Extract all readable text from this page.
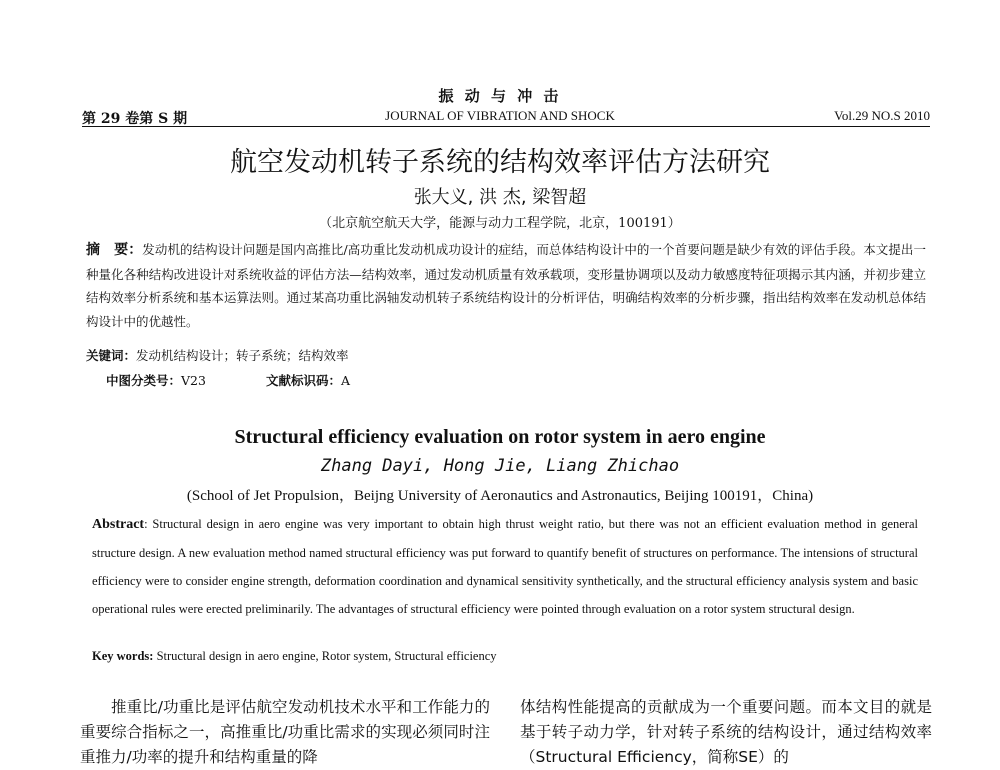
振 动 与 冲 击
第 29 卷第 S 期	JOURNAL OF VIBRATION AND SHOCK	Vol.29 NO.S 2010
航空发动机转子系统的结构效率评估方法研究
张大义, 洪 杰, 梁智超
（北京航空航天大学，能源与动力工程学院，北京，100191）
摘　要：发动机的结构设计问题是国内高推比/高功重比发动机成功设计的症结，而总体结构设计中的一个首要问题是缺少有效的评估手段。本文提出一种量化各种结构改进设计对系统收益的评估方法—结构效率，通过发动机质量有效承载项，变形量协调项以及动力敏感度特征项揭示其内涵，并初步建立结构效率分析系统和基本运算法则。通过某高功重比涡轴发动机转子系统结构设计的分析评估，明确结构效率的分析步骤，指出结构效率在发动机总体结构设计中的优越性。
关键词：发动机结构设计；转子系统；结构效率
中图分类号：V23	文献标识码：A
Structural efficiency evaluation on rotor system in aero engine
Zhang Dayi, Hong Jie, Liang Zhichao
(School of Jet Propulsion，Beijng University of Aeronautics and Astronautics, Beijing 100191，China)
Abstract: Structural design in aero engine was very important to obtain high thrust weight ratio, but there was not an efficient evaluation method in general structure design. A new evaluation method named structural efficiency was put forward to quantify benefit of structures on performance. The intensions of structural efficiency were to consider engine strength, deformation coordination and dynamical sensitivity synthetically, and the structural efficiency analysis system and basic operational rules were erected preliminarily. The advantages of structural efficiency were pointed through evaluation on a rotor system structural design.
Key words: Structural design in aero engine, Rotor system, Structural efficiency
推重比/功重比是评估航空发动机技术水平和工作能力的重要综合指标之一，高推重比/功重比需求的实现必须同时注重推力/功率的提升和结构重量的降
体结构性能提高的贡献成为一个重要问题。而本文目的就是基于转子动力学，针对转子系统的结构设计，通过结构效率（Structural Efficiency，简称SE）的
